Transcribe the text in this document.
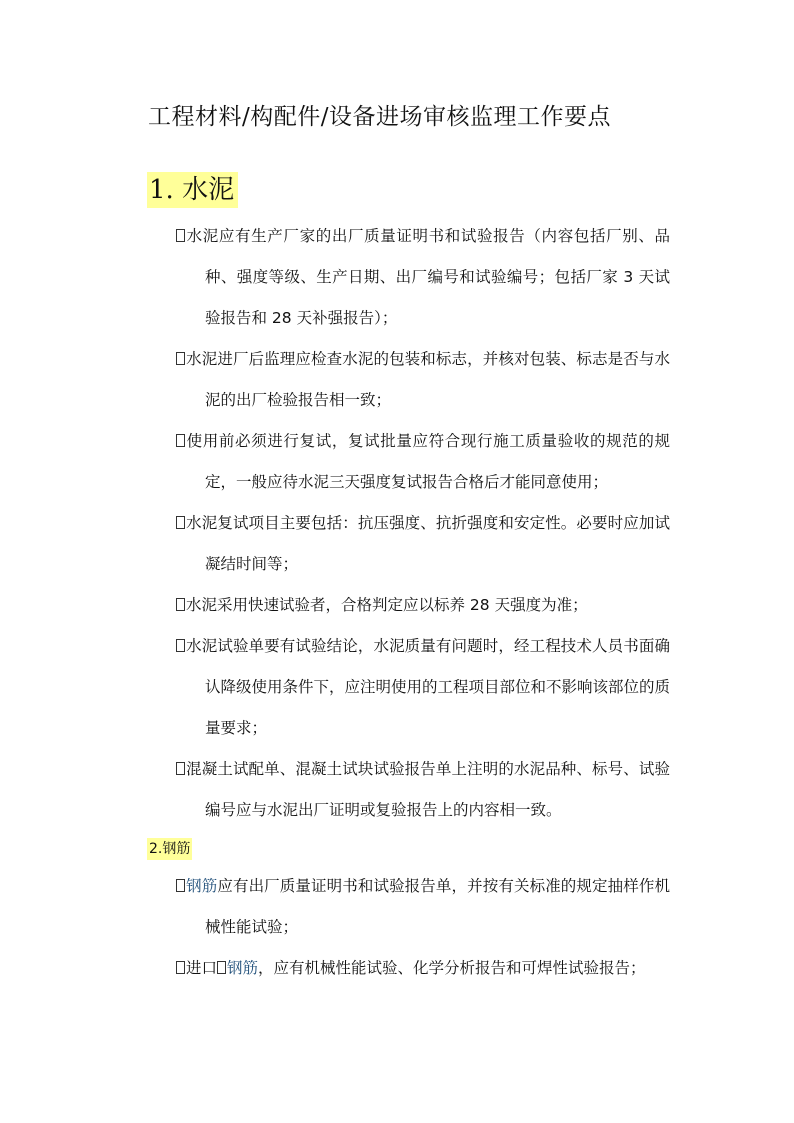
工程材料/构配件/设备进场审核监理工作要点
1. 水泥
水泥应有生产厂家的出厂质量证明书和试验报告（内容包括厂别、品种、强度等级、生产日期、出厂编号和试验编号；包括厂家 3 天试验报告和 28 天补强报告）；
水泥进厂后监理应检查水泥的包装和标志，并核对包装、标志是否与水泥的出厂检验报告相一致；
使用前必须进行复试，复试批量应符合现行施工质量验收的规范的规定，一般应待水泥三天强度复试报告合格后才能同意使用；
水泥复试项目主要包括：抗压强度、抗折强度和安定性。必要时应加试凝结时间等；
水泥采用快速试验者，合格判定应以标养 28 天强度为准；
水泥试验单要有试验结论，水泥质量有问题时，经工程技术人员书面确认降级使用条件下，应注明使用的工程项目部位和不影响该部位的质量要求；
混凝土试配单、混凝土试块试验报告单上注明的水泥品种、标号、试验编号应与水泥出厂证明或复验报告上的内容相一致。
2.钢筋
钢筋应有出厂质量证明书和试验报告单，并按有关标准的规定抽样作机械性能试验；
进口 钢筋，应有机械性能试验、化学分析报告和可焊性试验报告；
